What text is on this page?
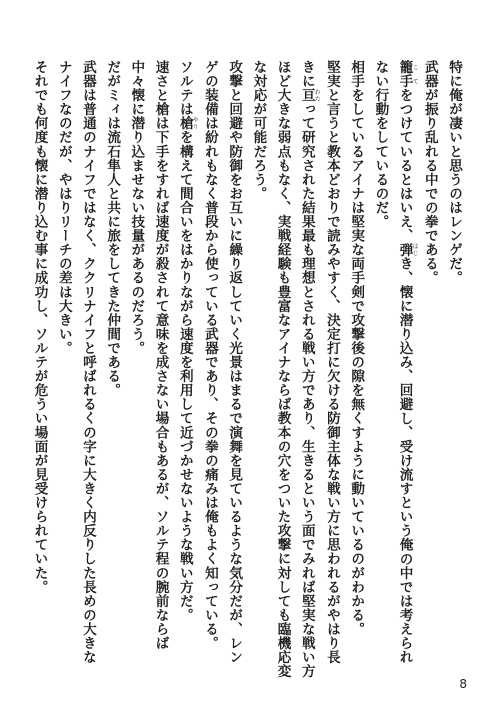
特に俺が凄いと思うのはレンゲだ。
武器が振り乱れる中での拳である。
籠手こてをつけているとはいえ、弾はじき、懐に潜り込み、回避し、受け流すという俺の中では考えられ
ない行動をしているのだ。
相手をしているアイナは堅実な両手剣で攻撃後の隙を無くすように動いているのがわかる。
堅実と言うと教本どおりで読みやすく、決定打に欠ける防御主体な戦い方に思われるがやはり長
きに亘わたって研究された結果最も理想とされる戦い方であり、生きるという面でみれば堅実な戦い方
ほど大きな弱点もなく、実戦経験も豊富なアイナならば教本の穴をついた攻撃に対しても臨機応変
な対応が可能だろう。
攻撃と回避や防御をお互いに繰り返していく光景はまるで演舞を見ているような気分だが、レン
ゲの装備は紛れもなく普段から使っている武器であり、その拳の痛みは俺もよく知っている。
ソルテは槍やりを構えて間合いをはかりながら速度を利用して近づかせないような戦い方だ。
速さと槍は下手をすれば速度が殺されて意味を成さない場合もあるが、ソルテ程の腕前ならば
中々懐に潜り込ませない技量があるのだろう。
だがミィは流石隼人と共に旅をしてきた仲間である。
武器は普通のナイフではなく、ククリナイフと呼ばれるくの字に大きく内反りした長めの大きな
ナイフなのだが、やはりリーチの差は大きい。
それでも何度も懐に潜り込む事に成功し、ソルテが危うい場面が見受けられていた。
8
